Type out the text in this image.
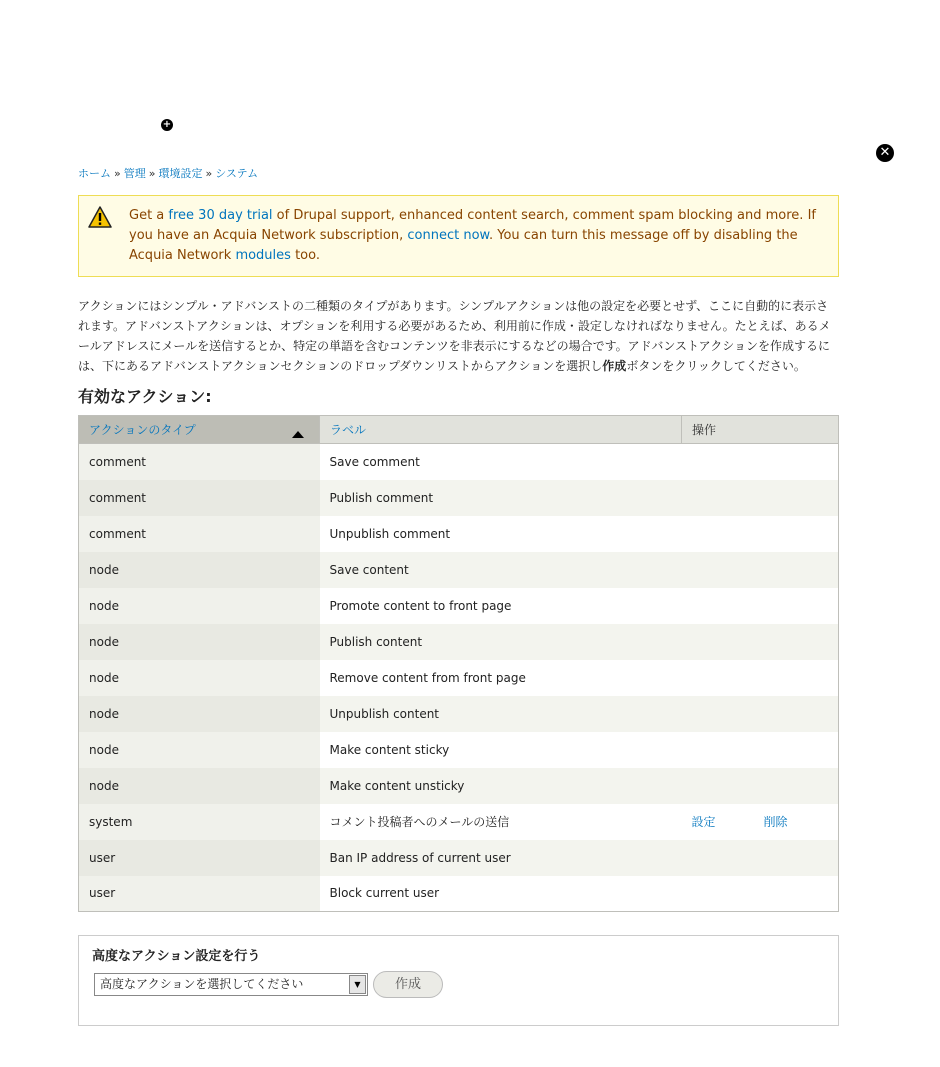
+
✕
ホーム » 管理 » 環境設定 » システム
Get a free 30 day trial of Drupal support, enhanced content search, comment spam blocking and more. If you have an Acquia Network subscription, connect now. You can turn this message off by disabling the Acquia Network modules too.
アクションにはシンプル・アドバンストの二種類のタイプがあります。シンプルアクションは他の設定を必要とせず、ここに自動的に表示されます。アドバンストアクションは、オプションを利用する必要があるため、利用前に作成・設定しなければなりません。たとえば、あるメールアドレスにメールを送信するとか、特定の単語を含むコンテンツを非表示にするなどの場合です。アドバンストアクションを作成するには、下にあるアドバンストアクションセクションのドロップダウンリストからアクションを選択し作成ボタンをクリックしてください。
有効なアクション:
アクションのタイプ	ラベル	操作
comment	Save comment	
comment	Publish comment	
comment	Unpublish comment	
node	Save content	
node	Promote content to front page	
node	Publish content	
node	Remove content from front page	
node	Unpublish content	
node	Make content sticky	
node	Make content unsticky	
system	コメント投稿者へのメールの送信	設定 削除
user	Ban IP address of current user	
user	Block current user	
高度なアクション設定を行う
高度なアクションを選択してください	▼	作成
